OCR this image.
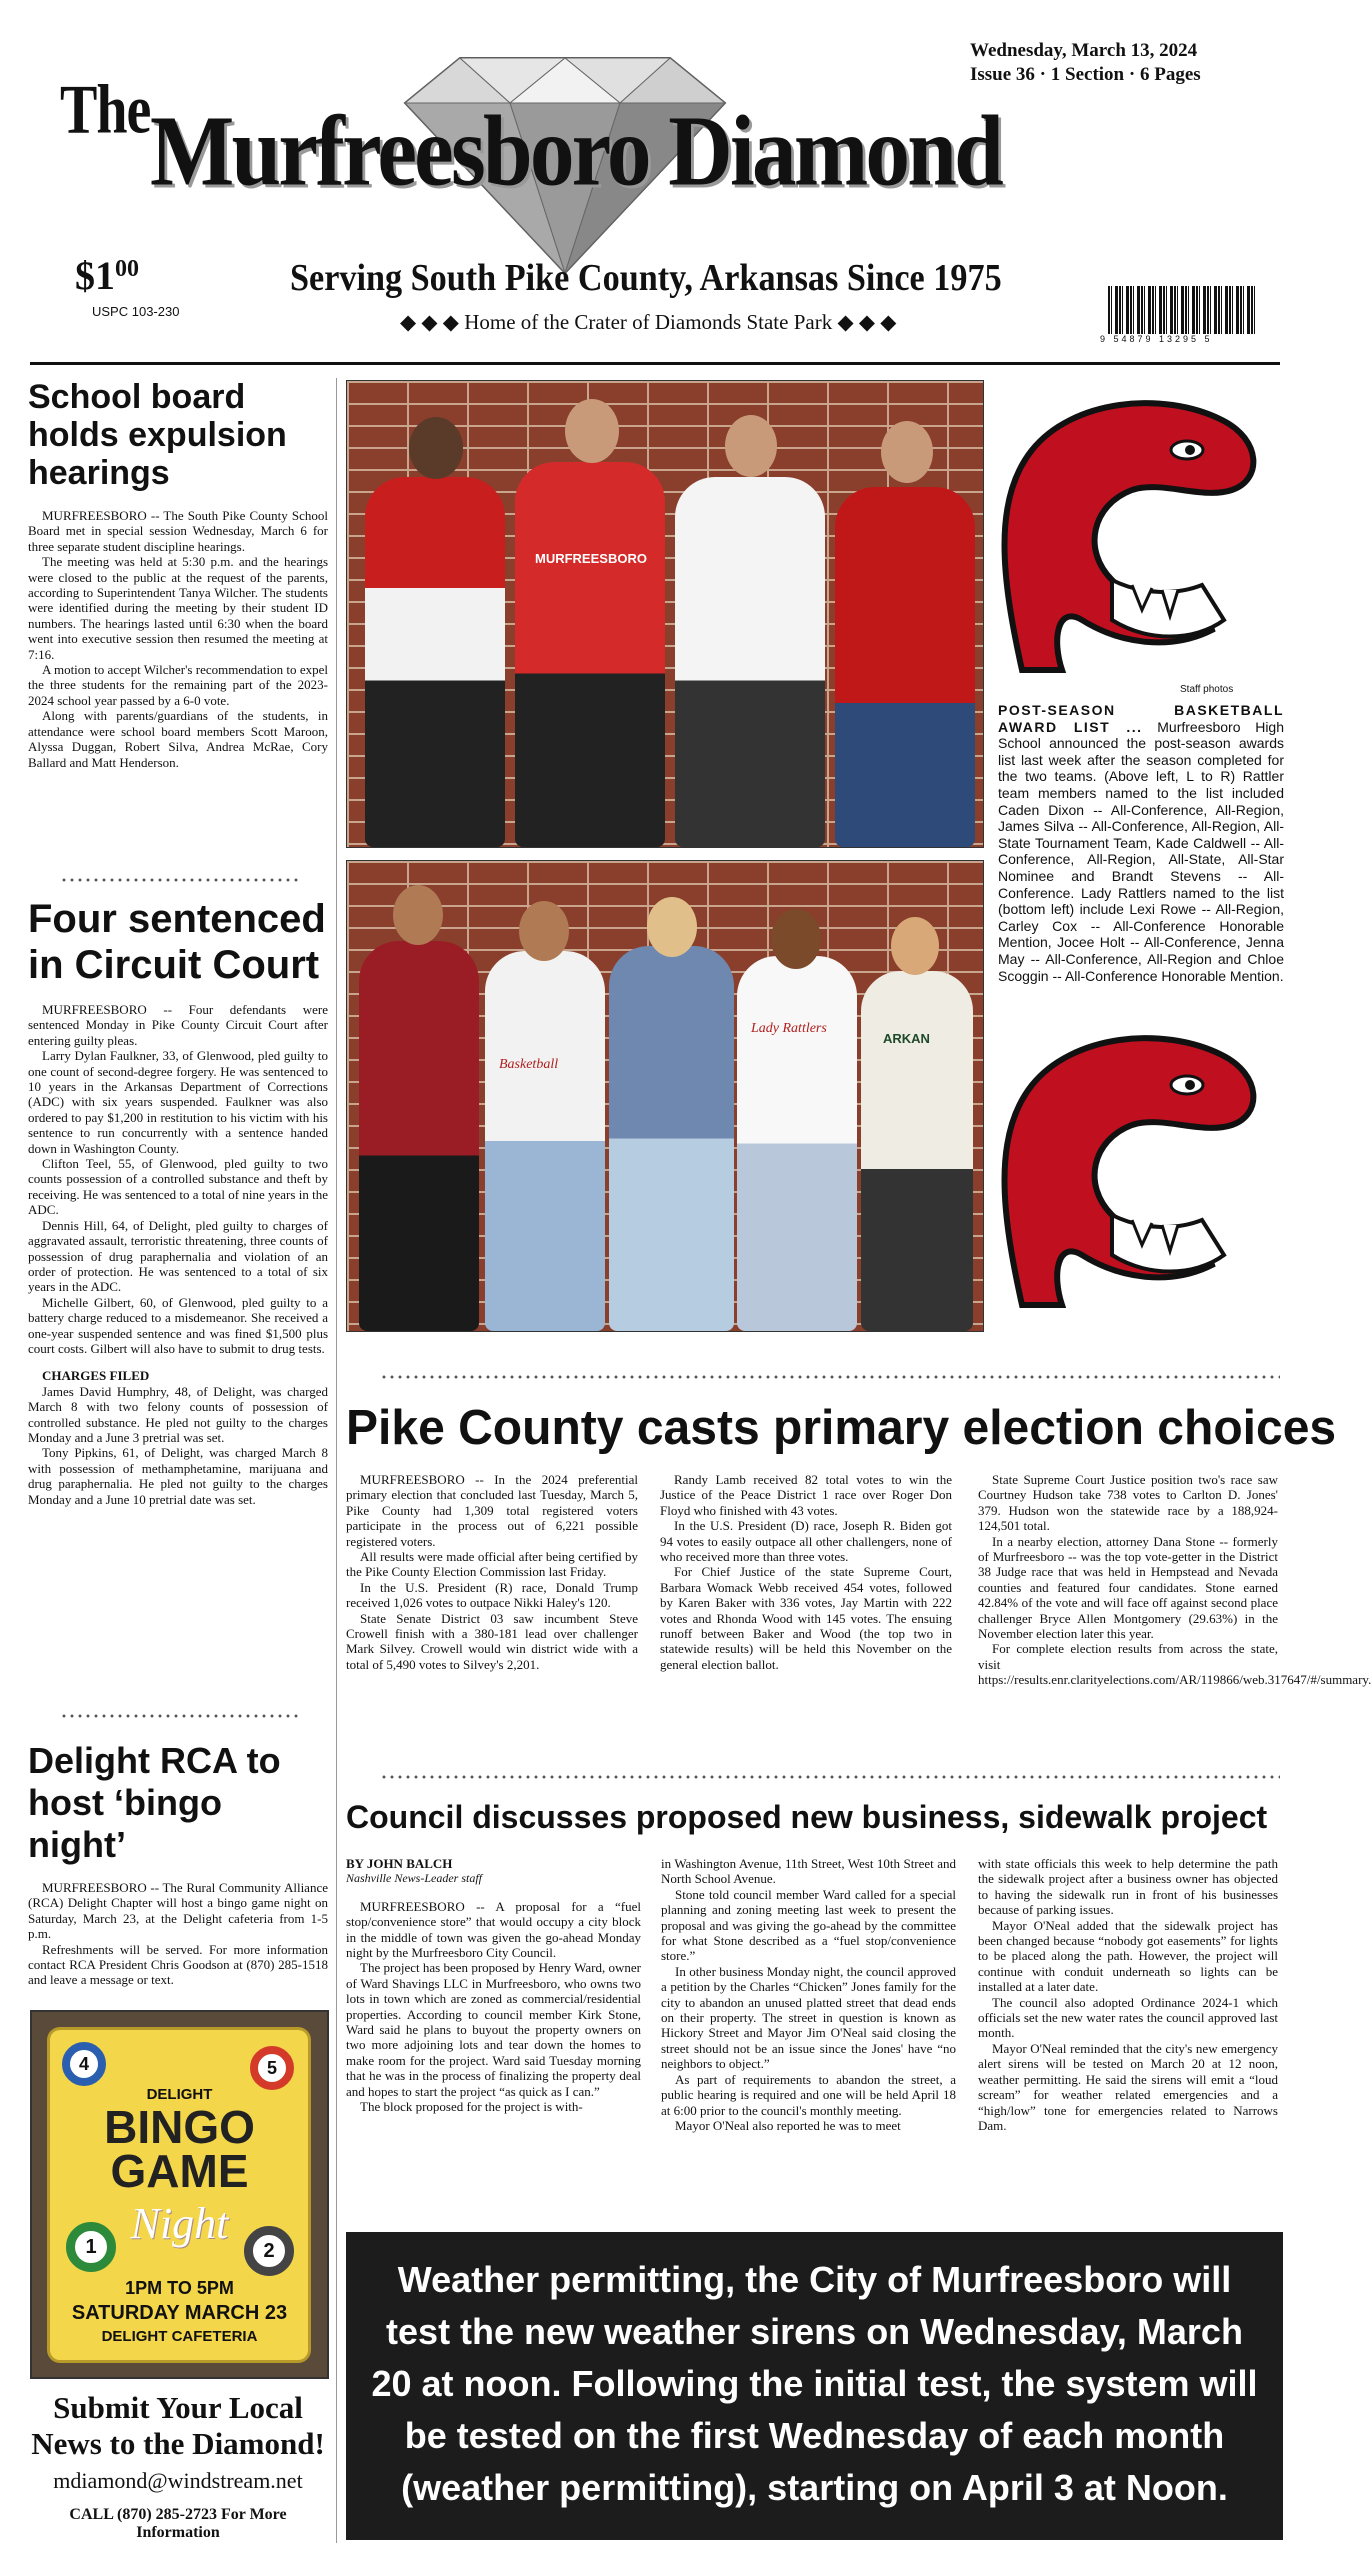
The Murfreesboro Diamond
Wednesday, March 13, 2024
Issue 36 · 1 Section · 6 Pages
$100
USPC 103-230
Serving South Pike County, Arkansas Since 1975
◆ ◆ ◆ Home of the Crater of Diamonds State Park ◆ ◆ ◆
9 54879 13295 5
School board holds expulsion hearings

MURFREESBORO -- The South Pike County School Board met in special session Wednesday, March 6 for three separate student discipline hearings.

The meeting was held at 5:30 p.m. and the hearings were closed to the public at the request of the parents, according to Superintendent Tanya Wilcher. The students were identified during the meeting by their student ID numbers. The hearings lasted until 6:30 when the board went into executive session then resumed the meeting at 7:16.

A motion to accept Wilcher's recommendation to expel the three students for the remaining part of the 2023-2024 school year passed by a 6-0 vote.

Along with parents/guardians of the students, in attendance were school board members Scott Maroon, Alyssa Duggan, Robert Silva, Andrea McRae, Cory Ballard and Matt Henderson.

Four sentenced in Circuit Court

MURFREESBORO -- Four defendants were sentenced Monday in Pike County Circuit Court after entering guilty pleas.

Larry Dylan Faulkner, 33, of Glenwood, pled guilty to one count of second-degree forgery. He was sentenced to 10 years in the Arkansas Department of Corrections (ADC) with six years suspended. Faulkner was also ordered to pay $1,200 in restitution to his victim with his sentence to run concurrently with a sentence handed down in Washington County.

Clifton Teel, 55, of Glenwood, pled guilty to two counts possession of a controlled substance and theft by receiving. He was sentenced to a total of nine years in the ADC.

Dennis Hill, 64, of Delight, pled guilty to charges of aggravated assault, terroristic threatening, three counts of possession of drug paraphernalia and violation of an order of protection. He was sentenced to a total of six years in the ADC.

Michelle Gilbert, 60, of Glenwood, pled guilty to a battery charge reduced to a misdemeanor. She received a one-year suspended sentence and was fined $1,500 plus court costs. Gilbert will also have to submit to drug tests.

CHARGES FILED

James David Humphry, 48, of Delight, was charged March 8 with two felony counts of possession of controlled substance. He pled not guilty to the charges Monday and a June 3 pretrial was set.

Tony Pipkins, 61, of Delight, was charged March 8 with possession of methamphetamine, marijuana and drug paraphernalia. He pled not guilty to the charges Monday and a June 10 pretrial date was set.

Delight RCA to host ‘bingo night’

MURFREESBORO -- The Rural Community Alliance (RCA) Delight Chapter will host a bingo game night on Saturday, March 23, at the Delight cafeteria from 1-5 p.m.

Refreshments will be served. For more information contact RCA President Chris Goodson at (870) 285-1518 and leave a message or text.

4	5
DELIGHT
BINGO
GAME
Night
1	2
1PM TO 5PM
SATURDAY MARCH 23
DELIGHT CAFETERIA
Submit Your Local
News to the Diamond!
mdiamond@windstream.net
CALL (870) 285-2723 For More Information
MURFREESBORO
Basketball
Lady Rattlers
ARKAN
Staff photos
POST-SEASON BASKETBALL AWARD LIST ... Murfreesboro High School announced the post-season awards list last week after the season completed for the two teams. (Above left, L to R) Rattler team members named to the list included Caden Dixon -- All-Conference, All-Region, James Silva -- All-Conference, All-Region, All-State Tournament Team, Kade Caldwell -- All-Conference, All-Region, All-State, All-Star Nominee and Brandt Stevens -- All-Conference. Lady Rattlers named to the list (bottom left) include Lexi Rowe -- All-Region, Carley Cox -- All-Conference Honorable Mention, Jocee Holt -- All-Conference, Jenna May -- All-Conference, All-Region and Chloe Scoggin -- All-Conference Honorable Mention.
Pike County casts primary election choices

MURFREESBORO -- In the 2024 preferential primary election that concluded last Tuesday, March 5, Pike County had 1,309 total registered voters participate in the process out of 6,221 possible registered voters.

All results were made official after being certified by the Pike County Election Commission last Friday.

In the U.S. President (R) race, Donald Trump received 1,026 votes to outpace Nikki Haley's 120.

State Senate District 03 saw incumbent Steve Crowell finish with a 380-181 lead over challenger Mark Silvey. Crowell would win district wide with a total of 5,490 votes to Silvey's 2,201.

Randy Lamb received 82 total votes to win the Justice of the Peace District 1 race over Roger Don Floyd who finished with 43 votes.

In the U.S. President (D) race, Joseph R. Biden got 94 votes to easily outpace all other challengers, none of who received more than three votes.

For Chief Justice of the state Supreme Court, Barbara Womack Webb received 454 votes, followed by Karen Baker with 336 votes, Jay Martin with 222 votes and Rhonda Wood with 145 votes. The ensuing runoff between Baker and Wood (the top two in statewide results) will be held this November on the general election ballot.

State Supreme Court Justice position two's race saw Courtney Hudson take 738 votes to Carlton D. Jones' 379. Hudson won the statewide race by a 188,924-124,501 total.

In a nearby election, attorney Dana Stone -- formerly of Murfreesboro -- was the top vote-getter in the District 38 Judge race that was held in Hempstead and Nevada counties and featured four candidates. Stone earned 42.84% of the vote and will face off against second place challenger Bryce Allen Montgomery (29.63%) in the November election later this year.

For complete election results from across the state, visit https://results.enr.clarityelections.com/AR/119866/web.317647/#/summary.

Council discusses proposed new business, sidewalk project
BY JOHN BALCH
Nashville News-Leader staff

MURFREESBORO -- A proposal for a “fuel stop/convenience store” that would occupy a city block in the middle of town was given the go-ahead Monday night by the Murfreesboro City Council.

The project has been proposed by Henry Ward, owner of Ward Shavings LLC in Murfreesboro, who owns two lots in town which are zoned as commercial/residential properties. According to council member Kirk Stone, Ward said he plans to buyout the property owners on two more adjoining lots and tear down the homes to make room for the project. Ward said Tuesday morning that he was in the process of finalizing the property deal and hopes to start the project “as quick as I can.”

The block proposed for the project is with-

in Washington Avenue, 11th Street, West 10th Street and North School Avenue.

Stone told council member Ward called for a special planning and zoning meeting last week to present the proposal and was giving the go-ahead by the committee for what Stone described as a “fuel stop/convenience store.”

In other business Monday night, the council approved a petition by the Charles “Chicken” Jones family for the city to abandon an unused platted street that dead ends on their property. The street in question is known as Hickory Street and Mayor Jim O'Neal said closing the street should not be an issue since the Jones' have “no neighbors to object.”

As part of requirements to abandon the street, a public hearing is required and one will be held April 18 at 6:00 prior to the council's monthly meeting.

Mayor O'Neal also reported he was to meet

with state officials this week to help determine the path the sidewalk project after a business owner has objected to having the sidewalk run in front of his businesses because of parking issues.

Mayor O'Neal added that the sidewalk project has been changed because “nobody got easements” for lights to be placed along the path. However, the project will continue with conduit underneath so lights can be installed at a later date.

The council also adopted Ordinance 2024-1 which officials set the new water rates the council approved last month.

Mayor O'Neal reminded that the city's new emergency alert sirens will be tested on March 20 at 12 noon, weather permitting. He said the sirens will emit a “loud scream” for weather related emergencies and a “high/low” tone for emergencies related to Narrows Dam.

Weather permitting, the City of Murfreesboro will test the new weather sirens on Wednesday, March 20 at noon. Following the initial test, the system will be tested on the first Wednesday of each month (weather permitting), starting on April 3 at Noon.
